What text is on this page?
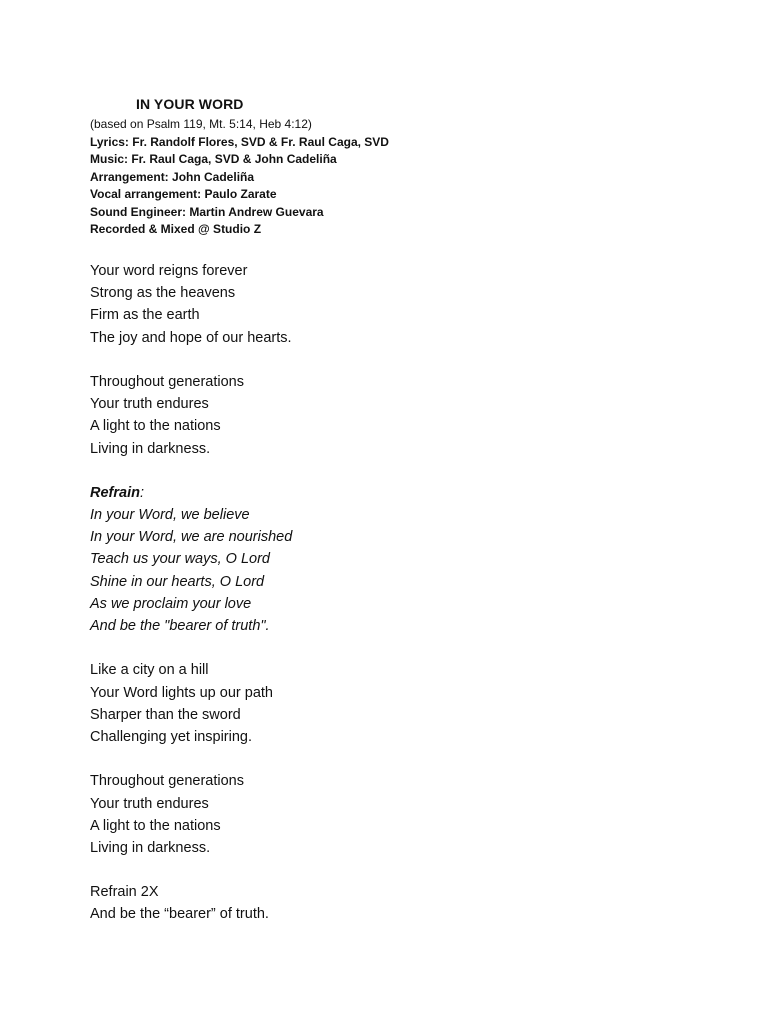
IN YOUR WORD
(based on Psalm 119, Mt. 5:14, Heb 4:12)
Lyrics: Fr. Randolf Flores, SVD & Fr. Raul Caga, SVD
Music: Fr. Raul Caga, SVD & John Cadeliña
Arrangement: John Cadeliña
Vocal arrangement: Paulo Zarate
Sound Engineer: Martin Andrew Guevara
Recorded & Mixed @ Studio Z
Your word reigns forever
Strong as the heavens
Firm as the earth
The joy and hope of our hearts.
Throughout generations
Your truth endures
A light to the nations
Living in darkness.
Refrain:
In your Word, we believe
In your Word, we are nourished
Teach us your ways, O Lord
Shine in our hearts, O Lord
As we proclaim your love
And be the "bearer of truth".
Like a city on a hill
Your Word lights up our path
Sharper than the sword
Challenging yet inspiring.
Throughout generations
Your truth endures
A light to the nations
Living in darkness.
Refrain 2X
And be the “bearer” of truth.
